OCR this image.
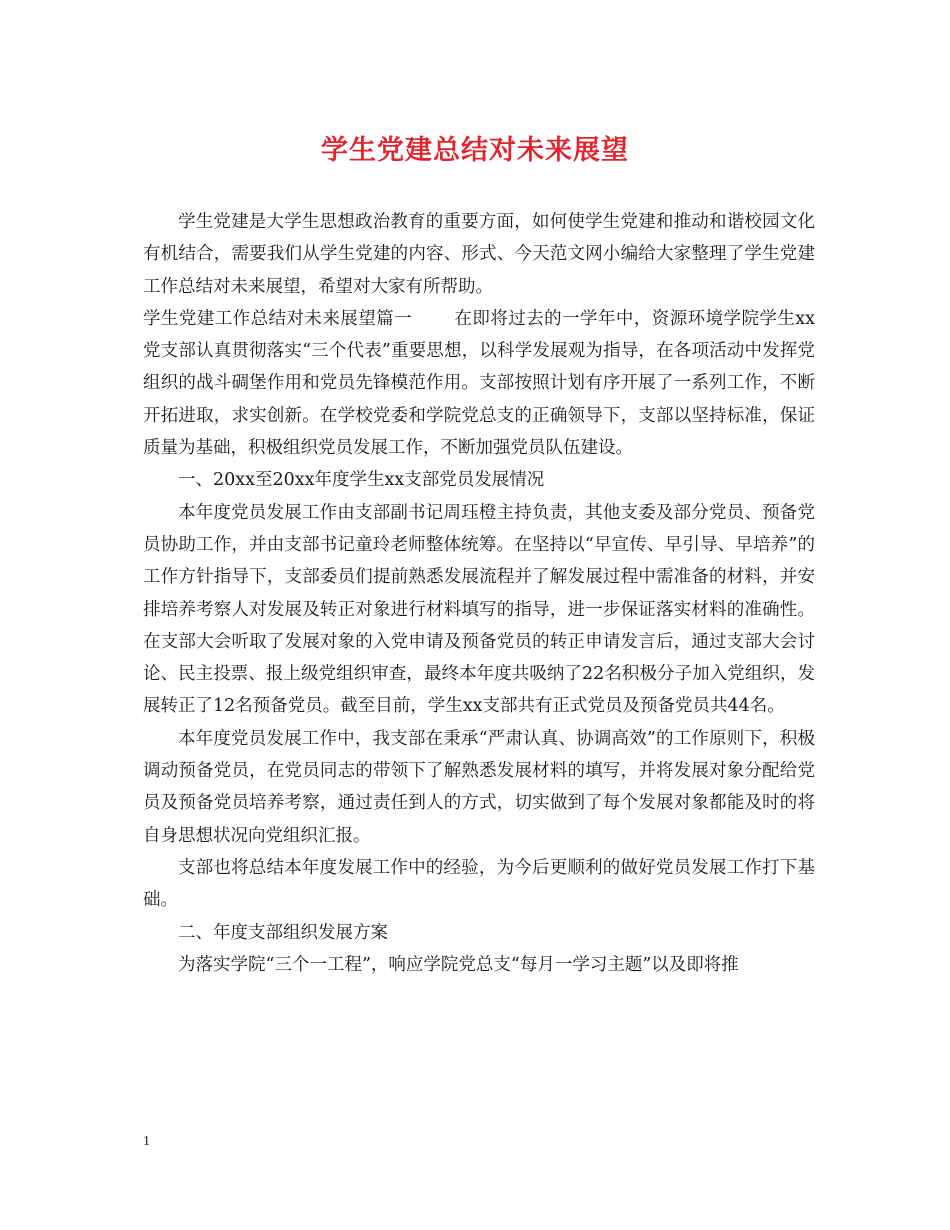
学生党建总结对未来展望

学生党建是大学生思想政治教育的重要方面，如何使学生党建和推动和谐校园文化有机结合，需要我们从学生党建的内容、形式、今天范文网小编给大家整理了学生党建工作总结对未来展望，希望对大家有所帮助。

学生党建工作总结对未来展望篇一 在即将过去的一学年中，资源环境学院学生xx党支部认真贯彻落实“三个代表”重要思想，以科学发展观为指导，在各项活动中发挥党组织的战斗碉堡作用和党员先锋模范作用。支部按照计划有序开展了一系列工作，不断开拓进取，求实创新。在学校党委和学院党总支的正确领导下，支部以坚持标准，保证质量为基础，积极组织党员发展工作，不断加强党员队伍建设。

一、20xx至20xx年度学生xx支部党员发展情况

本年度党员发展工作由支部副书记周珏橙主持负责，其他支委及部分党员、预备党员协助工作，并由支部书记童玲老师整体统筹。在坚持以“早宣传、早引导、早培养”的工作方针指导下，支部委员们提前熟悉发展流程并了解发展过程中需准备的材料，并安排培养考察人对发展及转正对象进行材料填写的指导，进一步保证落实材料的准确性。在支部大会听取了发展对象的入党申请及预备党员的转正申请发言后，通过支部大会讨论、民主投票、报上级党组织审查，最终本年度共吸纳了22名积极分子加入党组织，发展转正了12名预备党员。截至目前，学生xx支部共有正式党员及预备党员共44名。

本年度党员发展工作中，我支部在秉承“严肃认真、协调高效”的工作原则下，积极调动预备党员，在党员同志的带领下了解熟悉发展材料的填写，并将发展对象分配给党员及预备党员培养考察，通过责任到人的方式，切实做到了每个发展对象都能及时的将自身思想状况向党组织汇报。

支部也将总结本年度发展工作中的经验，为今后更顺利的做好党员发展工作打下基础。

二、年度支部组织发展方案

为落实学院“三个一工程”，响应学院党总支“每月一学习主题”以及即将推

1
